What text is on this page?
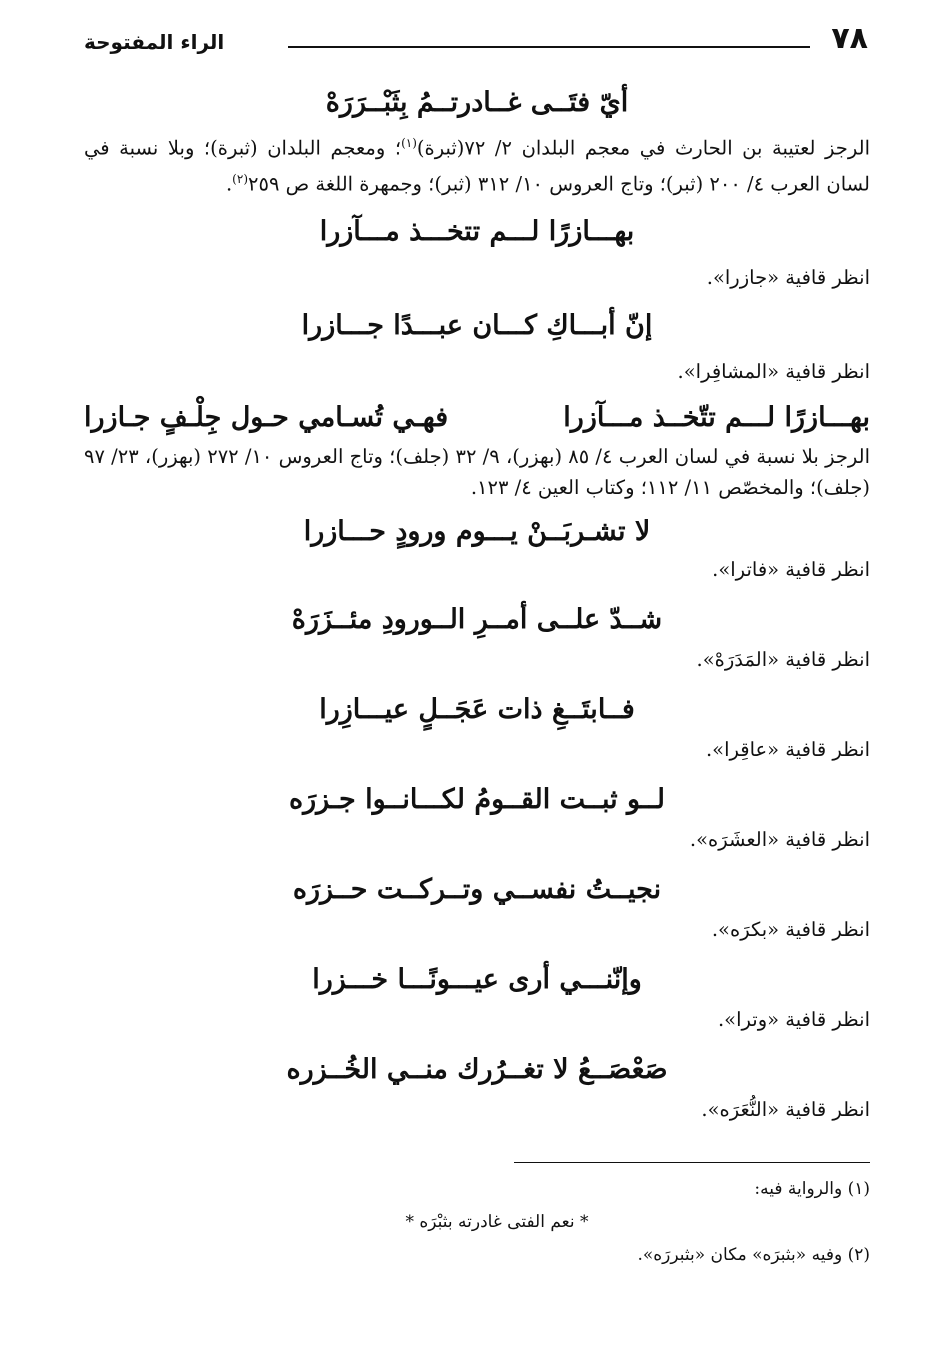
٧٨
الراء المفتوحة

أيّ فتَــى غــادرتــمُ بِثَبْــرَرَهْ

الرجز لعتيبة بن الحارث في معجم البلدان ٢/ ٧٢(ثبرة)$^{(١)}$؛ ومعجم البلدان (ثبرة)؛ وبلا نسبة في لسان العرب ٤/ ٢٠٠ (ثبر)؛ وتاج العروس ١٠/ ٣١٢ (ثبر)؛ وجمهرة اللغة ص ٢٥٩$^{(٢)}$.

بهـــازرًا لـــم تتخـــذ مـــآزرا

انظر قافية «جازرا».

إنّ أبـــاكِ كـــان عبـــدًا جـــازرا

انظر قافية «المشافِرا».

بهـــازرًا لـــم تتّخــذ مـــآزرا
فهـي تُسـامي حـول جِلْـفٍ جـازرا

الرجز بلا نسبة في لسان العرب ٤/ ٨٥ (بهزر)، ٩/ ٣٢ (جلف)؛ وتاج العروس ١٠/ ٢٧٢ (بهزر)، ٢٣/ ٩٧ (جلف)؛ والمخصّص ١١/ ١١٢؛ وكتاب العين ٤/ ١٢٣.

لا تشـربَــنْ يـــوم ورودٍ حـــازرا

انظر قافية «فاترا».

شــدّ علــى أمــرِ الــورودِ مئــزَرَهْ

انظر قافية «المَدَرَهْ».

فــابتَــغِ ذات عَجَــلٍ عيـــازِرا

انظر قافية «عاقِرا».

لــو ثبــت القــومُ لكـــانــوا جـزرَه

انظر قافية «العشَرَه».

نجيــتُ نفســي وتــركــت حــزرَه

انظر قافية «بكرَه».

وإنّنـــي أرى عيـــونًـــا خـــزرا

انظر قافية «وترا».

صَعْصَــعُ لا تغــرُرك منــي الخُــزره

انظر قافية «النُّعَرَه».

(١) والرواية فيه:

* نعم الفتى غادرته بثبْرَه *

(٢) وفيه «بثبرَه» مكان «بثبررَه».
